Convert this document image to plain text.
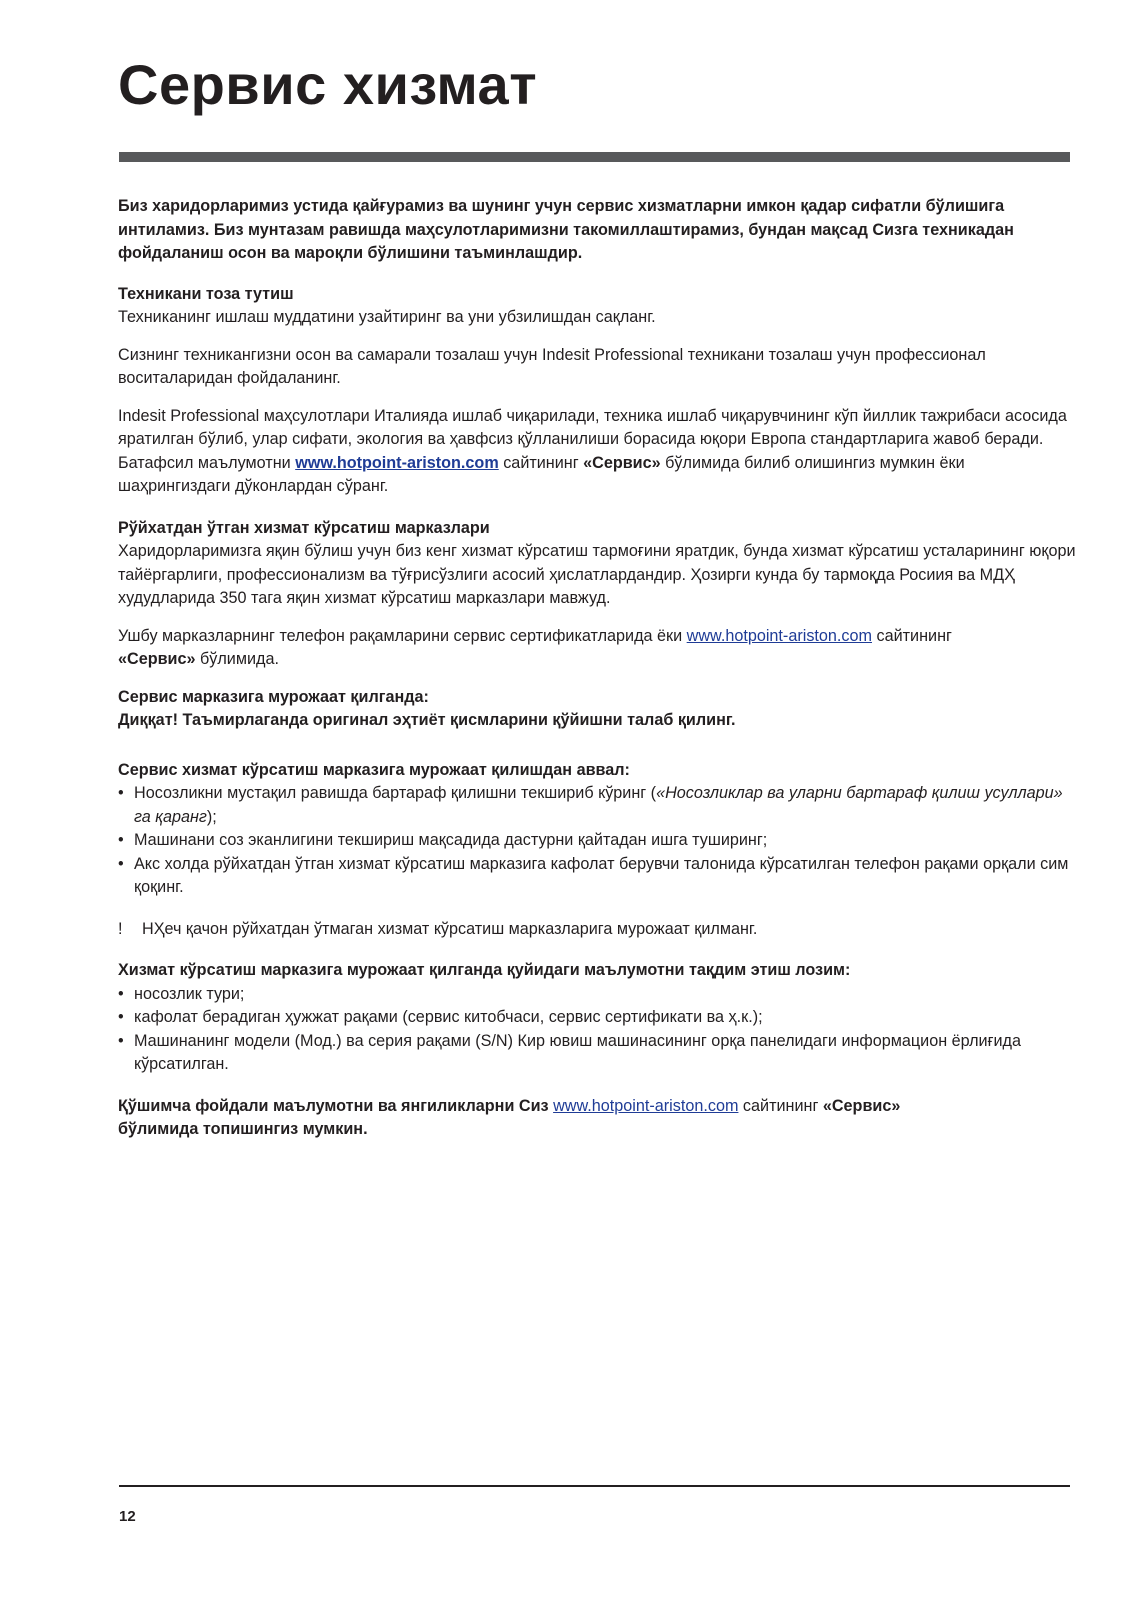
Сервис хизмат

Биз харидорларимиз устида қайғурамиз ва шунинг учун сервис хизматларни имкон қадар сифатли бўлишига интиламиз. Биз мунтазам равишда маҳсулотларимизни такомиллаштирамиз, бундан мақсад Сизга техникадан фойдаланиш осон ва мароқли бўлишини таъминлашдир.

Техникани тоза тутиш

Техниканинг ишлаш муддатини узайтиринг ва уни убзилишдан сақланг.

Сизнинг техникангизни осон ва самарали тозалаш учун Indesit Professional техникани тозалаш учун профессионал воситаларидан фойдаланинг.

Indesit Professional маҳсулотлари Италияда ишлаб чиқарилади, техника ишлаб чиқарувчининг кўп йиллик тажрибаси асосида яратилган бўлиб, улар сифати, экология ва ҳавфсиз қўлланилиши борасида юқори Европа стандартларига жавоб беради. Батафсил маълумотни www.hotpoint-ariston.com сайтининг «Сервис» бўлимида билиб олишингиз мумкин ёки шаҳрингиздаги дўконлардан сўранг.

Рўйхатдан ўтган хизмат кўрсатиш марказлари

Харидорларимизга яқин бўлиш учун биз кенг хизмат кўрсатиш тармоғини яратдик, бунда хизмат кўрсатиш усталарининг юқори тайёргарлиги, профессионализм ва тўғрисўзлиги асосий ҳислатлардандир. Ҳозирги кунда бу тармоқда Росиия ва МДҲ худудларида 350 тага яқин хизмат кўрсатиш марказлари мавжуд.

Ушбу марказларнинг телефон рақамларини сервис сертификатларида ёки www.hotpoint-ariston.com сайтининг
«Сервис» бўлимида.

Сервис марказига мурожаат қилганда:

Диққат! Таъмирлаганда оригинал эҳтиёт қисмларини қўйишни талаб қилинг.

Сервис хизмат кўрсатиш марказига мурожаат қилишдан аввал:

• Носозликни мустақил равишда бартараф қилишни текшириб кўринг («Носозликлар ва уларни бартараф қилиш усуллари» га қаранг);
• Машинани соз эканлигини текшириш мақсадида дастурни қайтадан ишга туширинг;
• Акс холда рўйхатдан ўтган хизмат кўрсатиш марказига кафолат берувчи талонида кўрсатилган телефон рақами орқали сим қоқинг.

! НҲеч қачон рўйхатдан ўтмаган хизмат кўрсатиш марказларига мурожаат қилманг.

Хизмат кўрсатиш марказига мурожаат қилганда қуйидаги маълумотни тақдим этиш лозим:

• носозлик тури;
• кафолат берадиган ҳужжат рақами (сервис китобчаси, сервис сертификати ва ҳ.к.);
• Машинанинг модели (Мод.) ва серия рақами (S/N) Кир ювиш машинасининг орқа панелидаги информацион ёрлиғида кўрсатилган.

Қўшимча фойдали маълумотни ва янгиликларни Сиз www.hotpoint-ariston.com сайтининг «Сервис»
бўлимида топишингиз мумкин.

12
